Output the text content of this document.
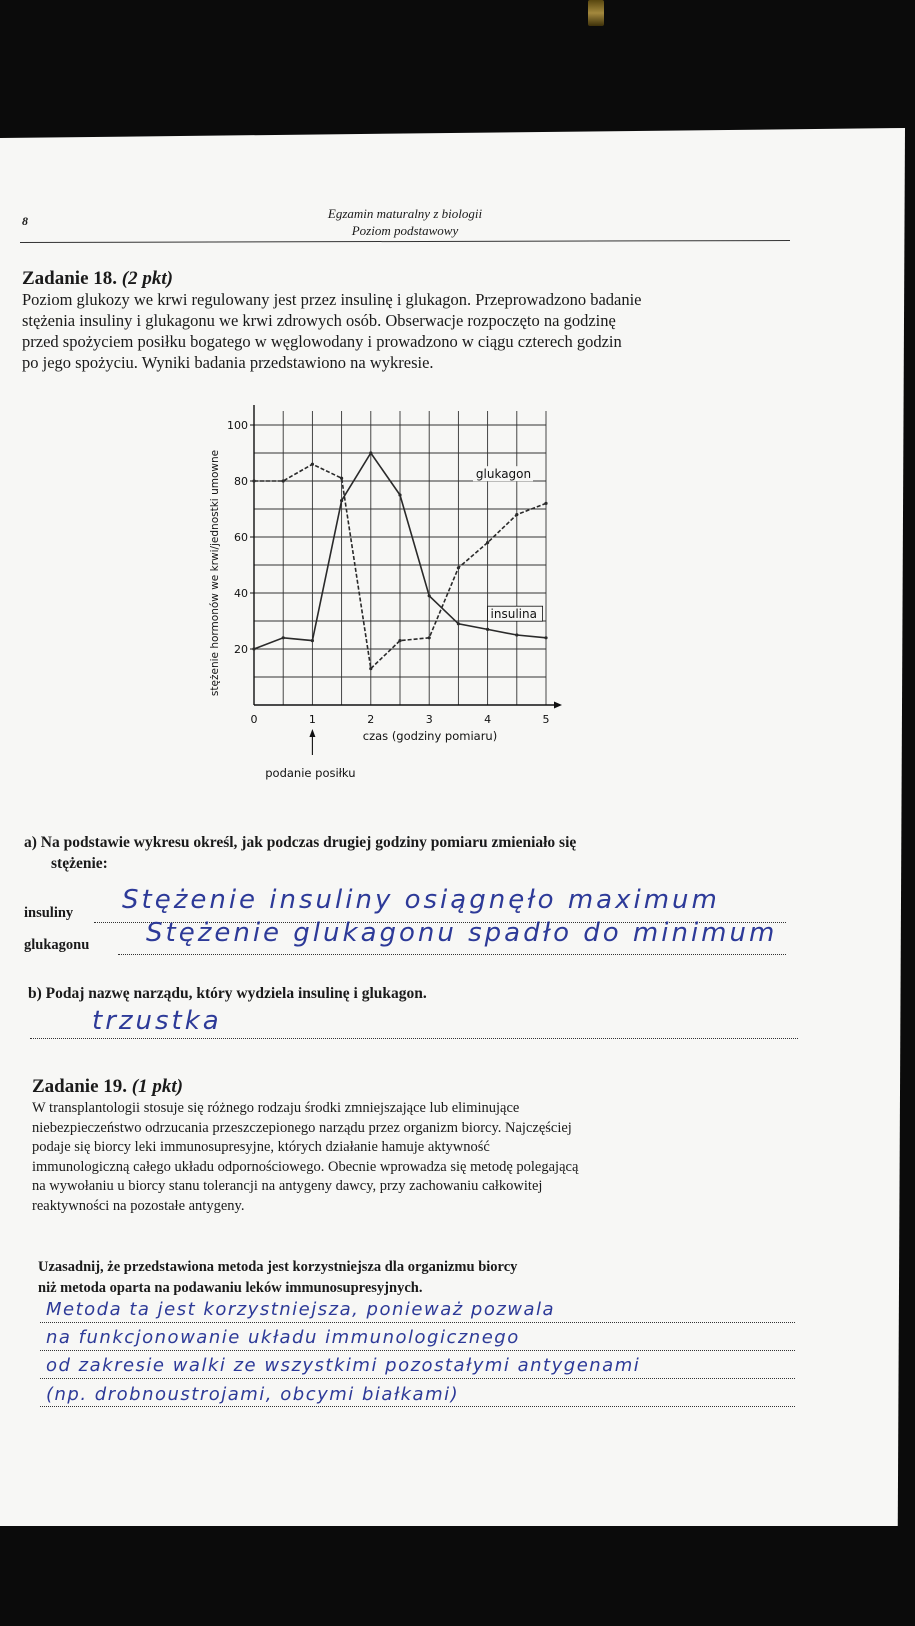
8	Egzamin maturalny z biologii
Poziom podstawowy
Zadanie 18. (2 pkt)
Poziom glukozy we krwi regulowany jest przez insulinę i glukagon. Przeprowadzono badanie
stężenia insuliny i glukagonu we krwi zdrowych osób. Obserwacje rozpoczęto na godzinę
przed spożyciem posiłku bogatego w węglowodany i prowadzono w ciągu czterech godzin
po jego spożyciu. Wyniki badania przedstawiono na wykresie.
20
40
60
80
100
0	1	2	3	4	5
stężenie hormonów we krwi/jednostki umowne
czas (godziny pomiaru)
podanie posiłku
glukagon
insulina
a) Na podstawie wykresu określ, jak podczas drugiej godziny pomiaru zmieniało się
stężenie:
insuliny Stężenie insuliny osiągnęło maximum
glukagonu Stężenie glukagonu spadło do minimum
b) Podaj nazwę narządu, który wydziela insulinę i glukagon.
trzustka
Zadanie 19. (1 pkt)
W transplantologii stosuje się różnego rodzaju środki zmniejszające lub eliminujące
niebezpieczeństwo odrzucania przeszczepionego narządu przez organizm biorcy. Najczęściej
podaje się biorcy leki immunosupresyjne, których działanie hamuje aktywność
immunologiczną całego układu odpornościowego. Obecnie wprowadza się metodę polegającą
na wywołaniu u biorcy stanu tolerancji na antygeny dawcy, przy zachowaniu całkowitej
reaktywności na pozostałe antygeny.
Uzasadnij, że przedstawiona metoda jest korzystniejsza dla organizmu biorcy
niż metoda oparta na podawaniu leków immunosupresyjnych.
Metoda ta jest korzystniejsza, ponieważ pozwala
na funkcjonowanie układu immunologicznego
od zakresie walki ze wszystkimi pozostałymi antygenami
(np. drobnoustrojami, obcymi białkami)
